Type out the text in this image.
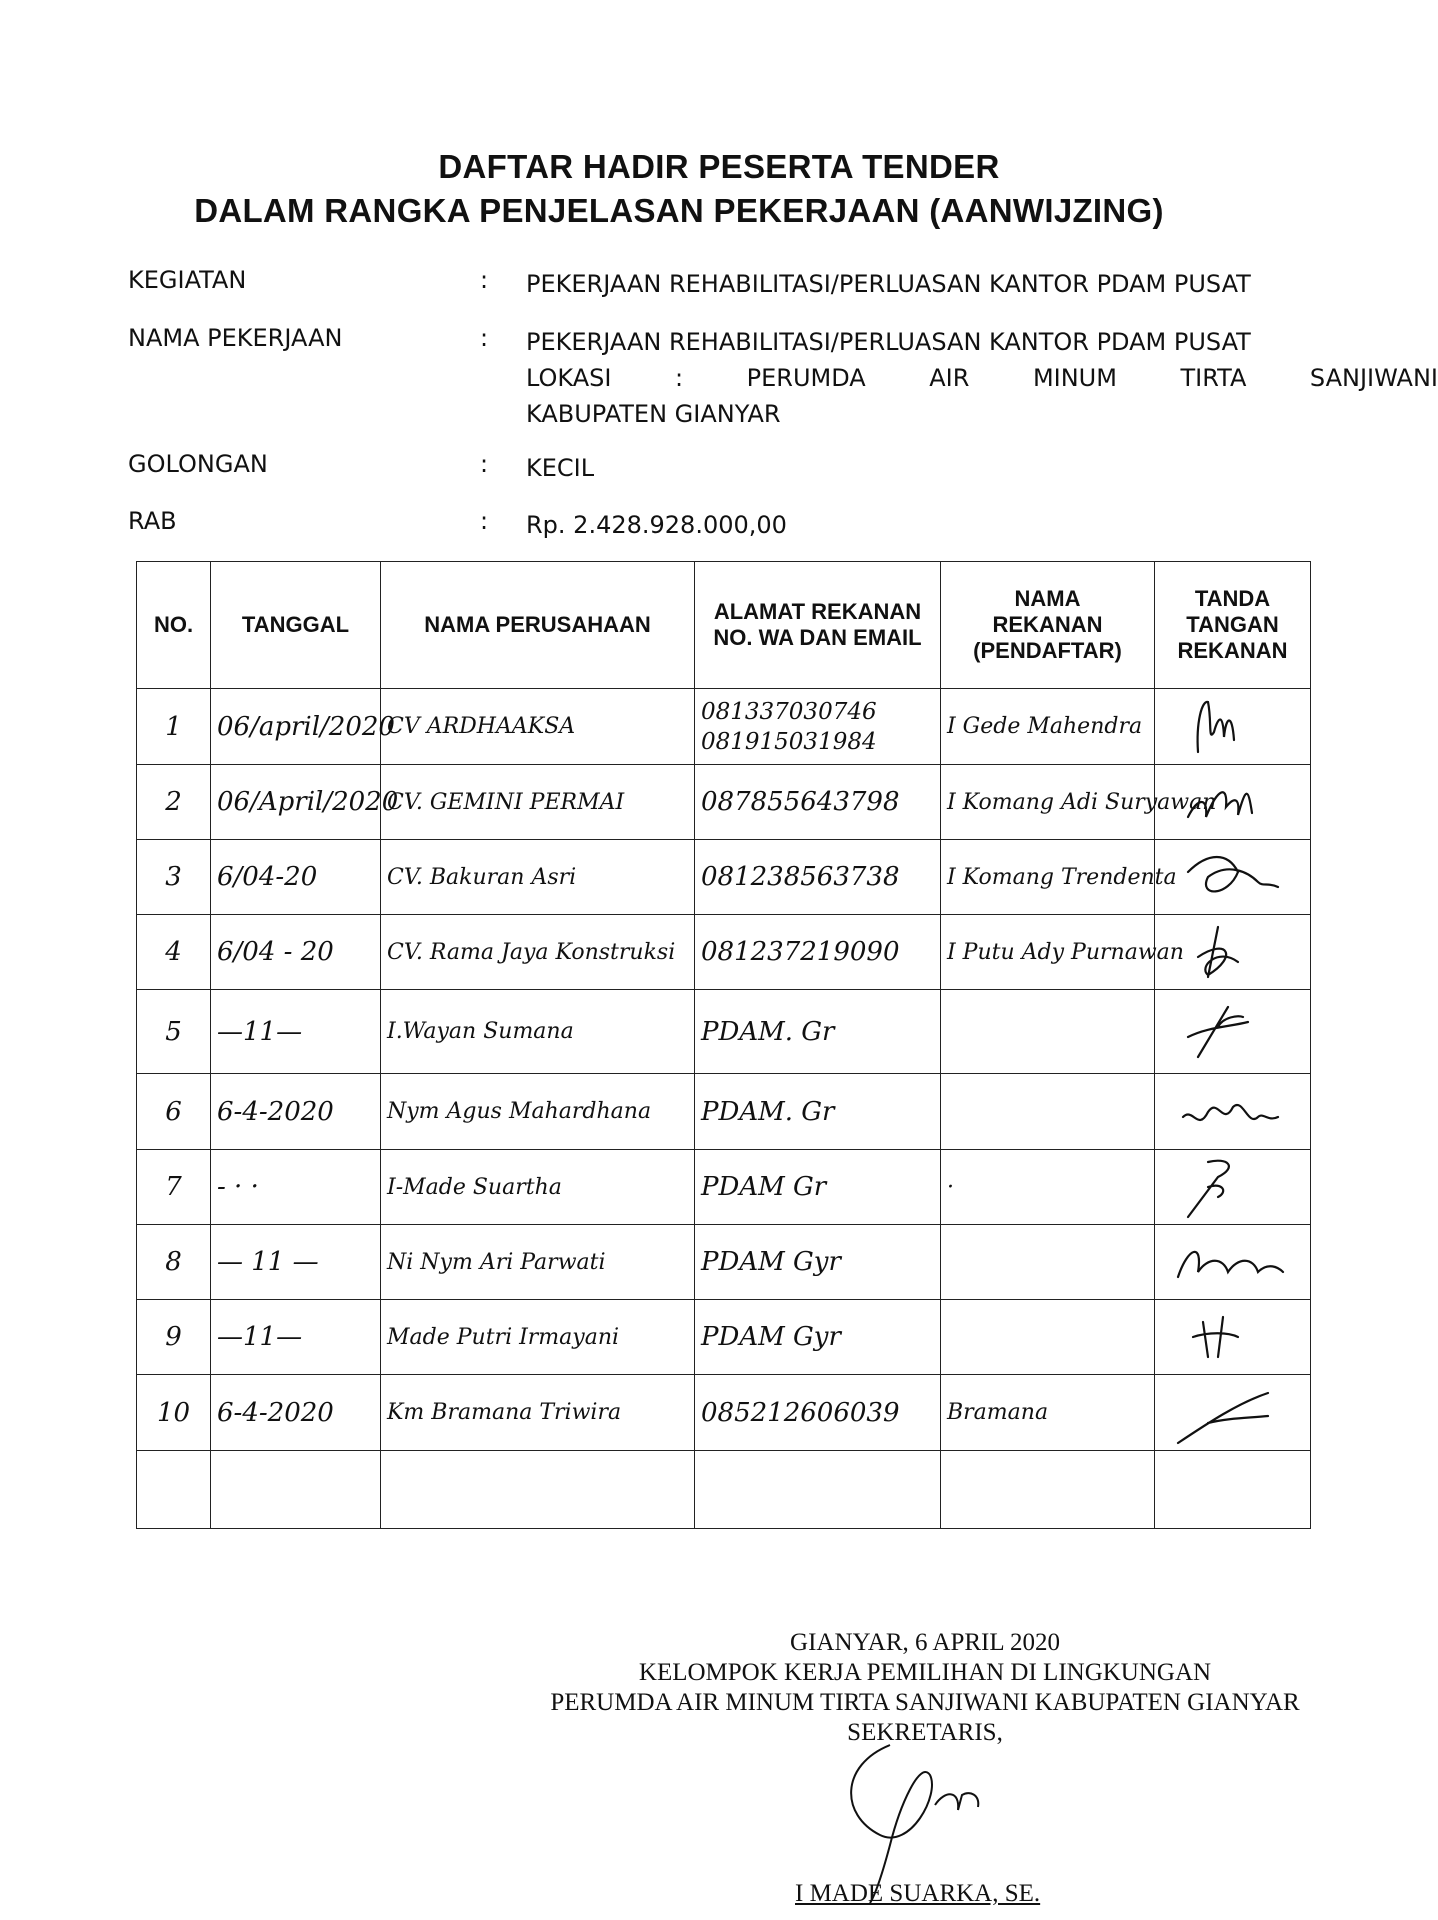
DAFTAR HADIR PESERTA TENDER
DALAM RANGKA PENJELASAN PEKERJAAN (AANWIJZING)
KEGIATAN	: PEKERJAAN REHABILITASI/PERLUASAN KANTOR PDAM PUSAT
NAMA PEKERJAAN	: PEKERJAAN REHABILITASI/PERLUASAN KANTOR PDAM PUSAT
LOKASI : PERUMDA AIR MINUM TIRTA SANJIWANI
KABUPATEN GIANYAR
GOLONGAN	: KECIL
RAB	: Rp. 2.428.928.000,00
NO.	TANGGAL	NAMA PERUSAHAAN	ALAMAT REKANAN NO. WA DAN EMAIL	NAMA REKANAN (PENDAFTAR)	TANDA TANGAN REKANAN
1	06/april/2020	CV ARDHAAKSA	081337030746 081915031984	I Gede Mahendra	

2	06/April/2020	CV. GEMINI PERMAI	087855643798	I Komang Adi Suryawan	

3	6/04-20	CV. Bakuran Asri	081238563738	I Komang Trendenta	

4	6/04 - 20	CV. Rama Jaya Konstruksi	081237219090	I Putu Ady Purnawan	

5	—11—	I.Wayan Sumana	PDAM. Gr		

6	6-4-2020	Nym Agus Mahardhana	PDAM. Gr		

7	- · ·	I-Made Suartha	PDAM Gr	·	

8	— 11 —	Ni Nym Ari Parwati	PDAM Gyr		

9	—11—	Made Putri Irmayani	PDAM Gyr		

10	6-4-2020	Km Bramana Triwira	085212606039	Bramana	

GIANYAR, 6 APRIL 2020
KELOMPOK KERJA PEMILIHAN DI LINGKUNGAN
PERUMDA AIR MINUM TIRTA SANJIWANI KABUPATEN GIANYAR
SEKRETARIS,
I MADE SUARKA, SE.
